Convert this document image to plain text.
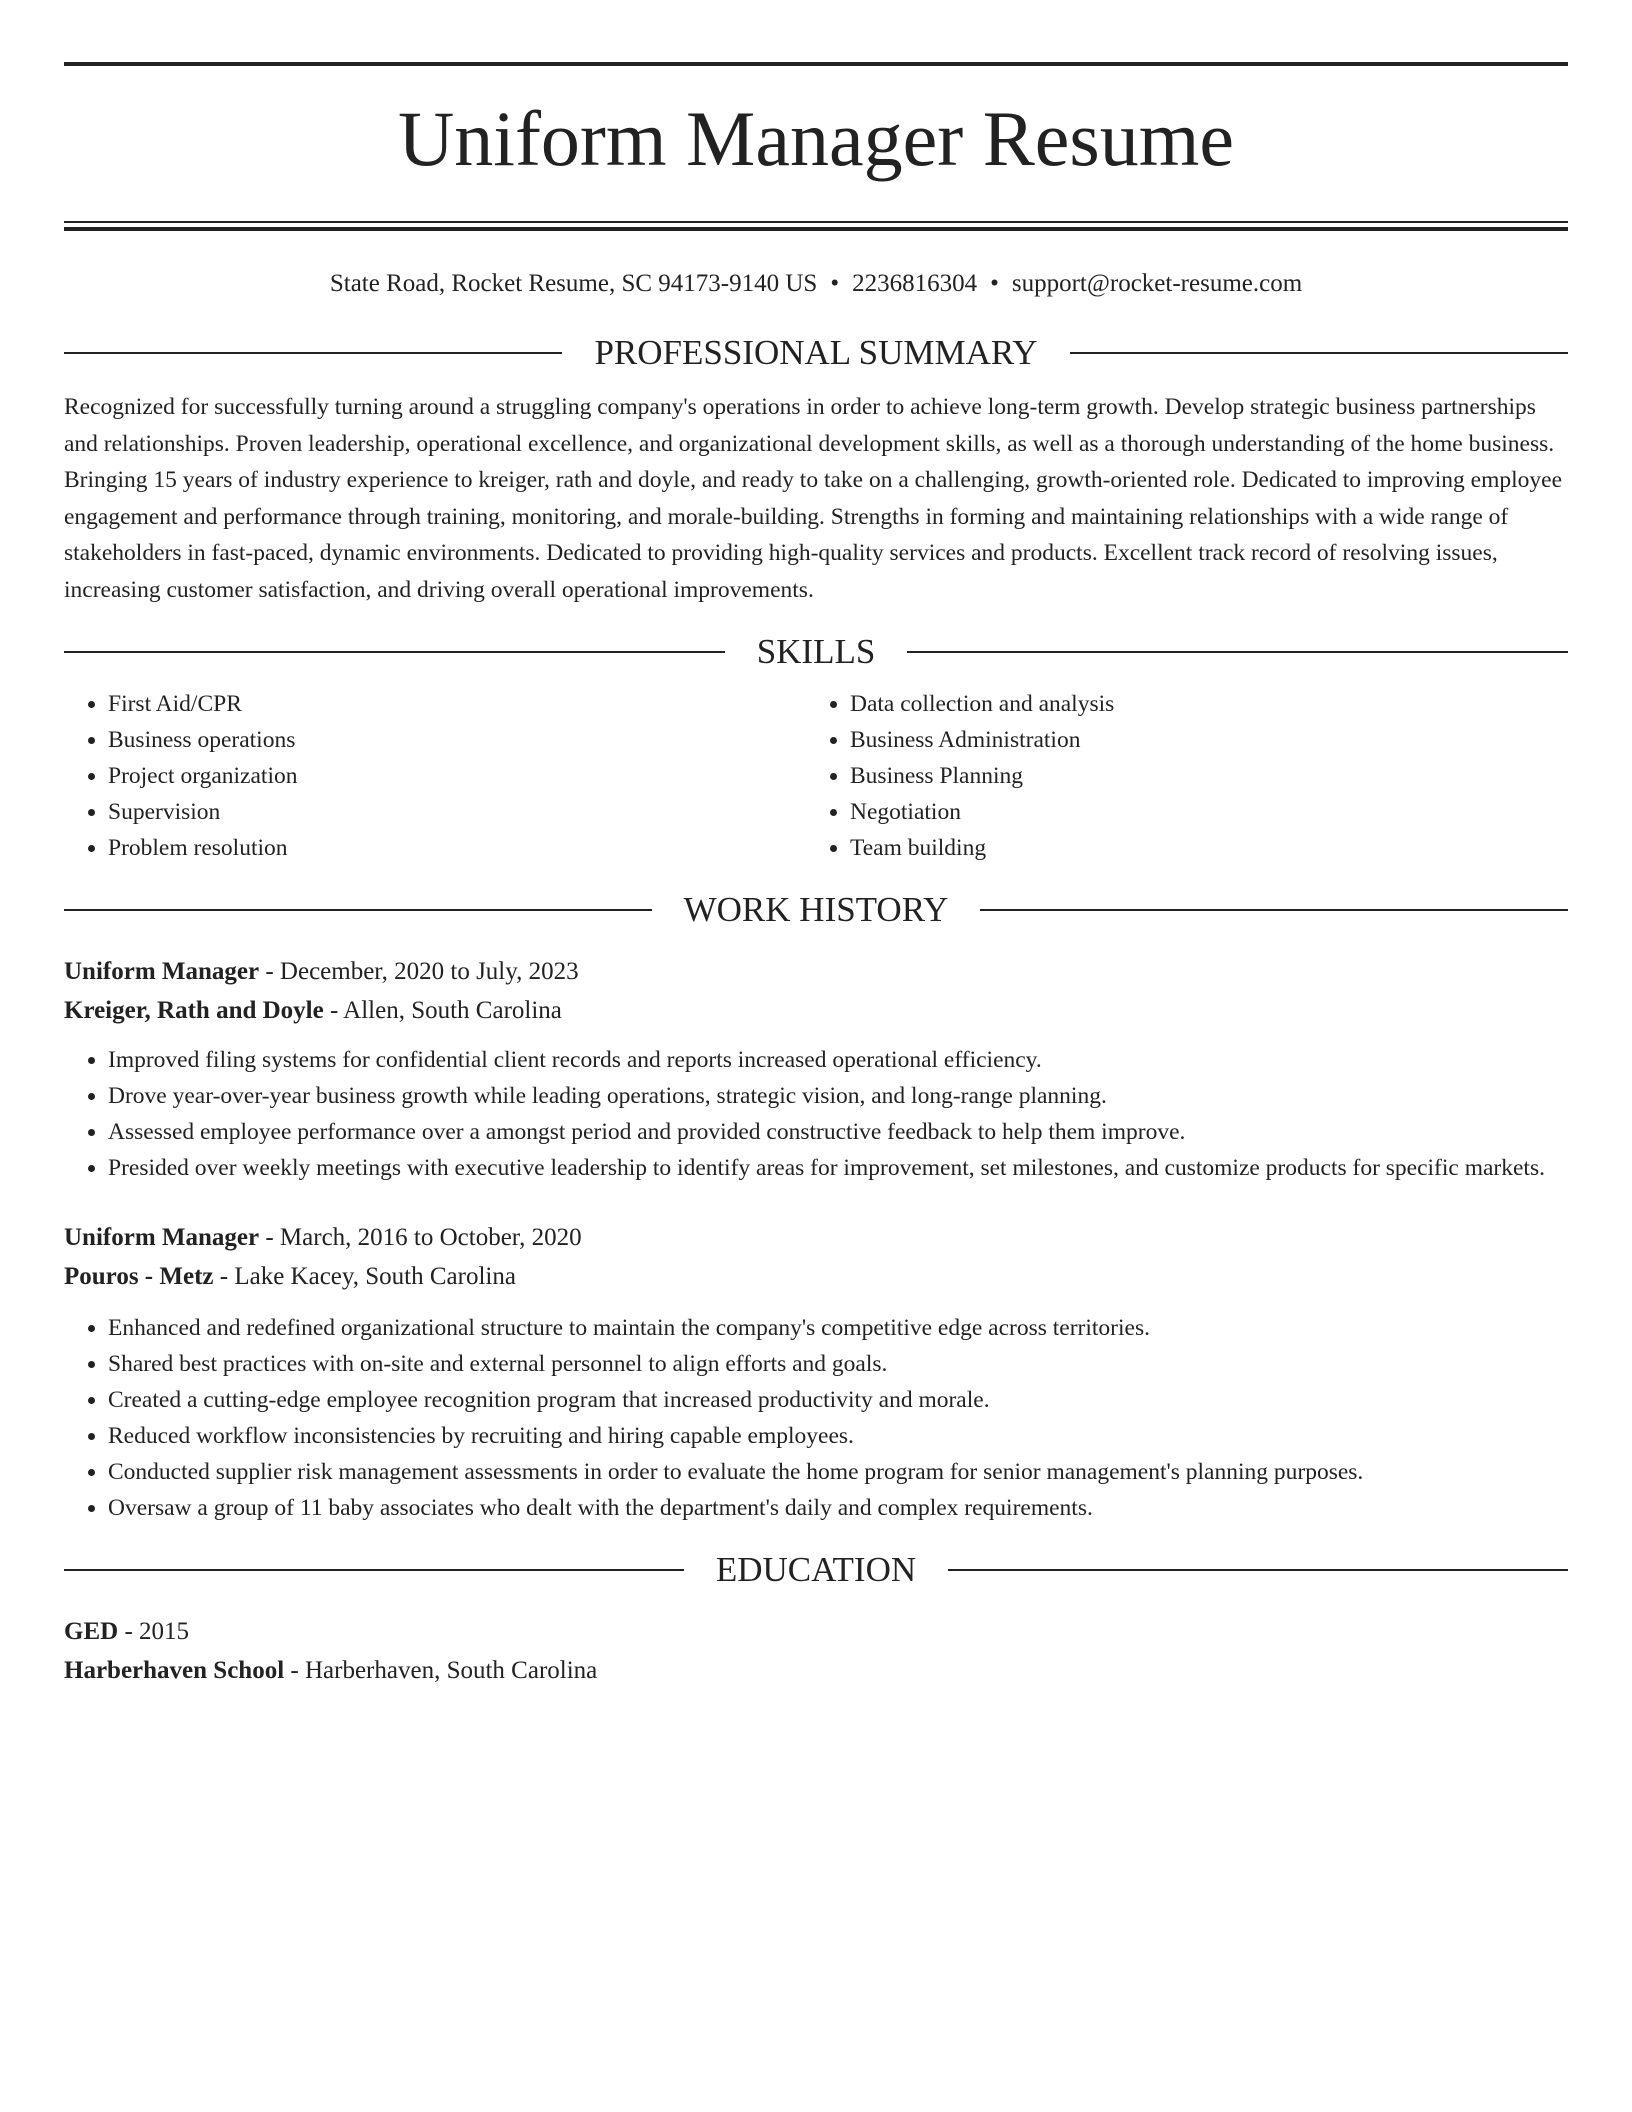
Uniform Manager Resume
State Road, Rocket Resume, SC 94173-9140 US • 2236816304 • support@rocket-resume.com
PROFESSIONAL SUMMARY

Recognized for successfully turning around a struggling company's operations in order to achieve long-term growth. Develop strategic business partnerships and relationships. Proven leadership, operational excellence, and organizational development skills, as well as a thorough understanding of the home business. Bringing 15 years of industry experience to kreiger, rath and doyle, and ready to take on a challenging, growth-oriented role. Dedicated to improving employee engagement and performance through training, monitoring, and morale-building. Strengths in forming and maintaining relationships with a wide range of stakeholders in fast-paced, dynamic environments. Dedicated to providing high-quality services and products. Excellent track record of resolving issues, increasing customer satisfaction, and driving overall operational improvements.

SKILLS
• First Aid/CPR
• Business operations
• Project organization
• Supervision
• Problem resolution
• Data collection and analysis
• Business Administration
• Business Planning
• Negotiation
• Team building
WORK HISTORY
Uniform Manager - December, 2020 to July, 2023
Kreiger, Rath and Doyle - Allen, South Carolina
• Improved filing systems for confidential client records and reports increased operational efficiency.
• Drove year-over-year business growth while leading operations, strategic vision, and long-range planning.
• Assessed employee performance over a amongst period and provided constructive feedback to help them improve.
• Presided over weekly meetings with executive leadership to identify areas for improvement, set milestones, and customize products for specific markets.
Uniform Manager - March, 2016 to October, 2020
Pouros - Metz - Lake Kacey, South Carolina
• Enhanced and redefined organizational structure to maintain the company's competitive edge across territories.
• Shared best practices with on-site and external personnel to align efforts and goals.
• Created a cutting-edge employee recognition program that increased productivity and morale.
• Reduced workflow inconsistencies by recruiting and hiring capable employees.
• Conducted supplier risk management assessments in order to evaluate the home program for senior management's planning purposes.
• Oversaw a group of 11 baby associates who dealt with the department's daily and complex requirements.
EDUCATION
GED - 2015
Harberhaven School - Harberhaven, South Carolina
